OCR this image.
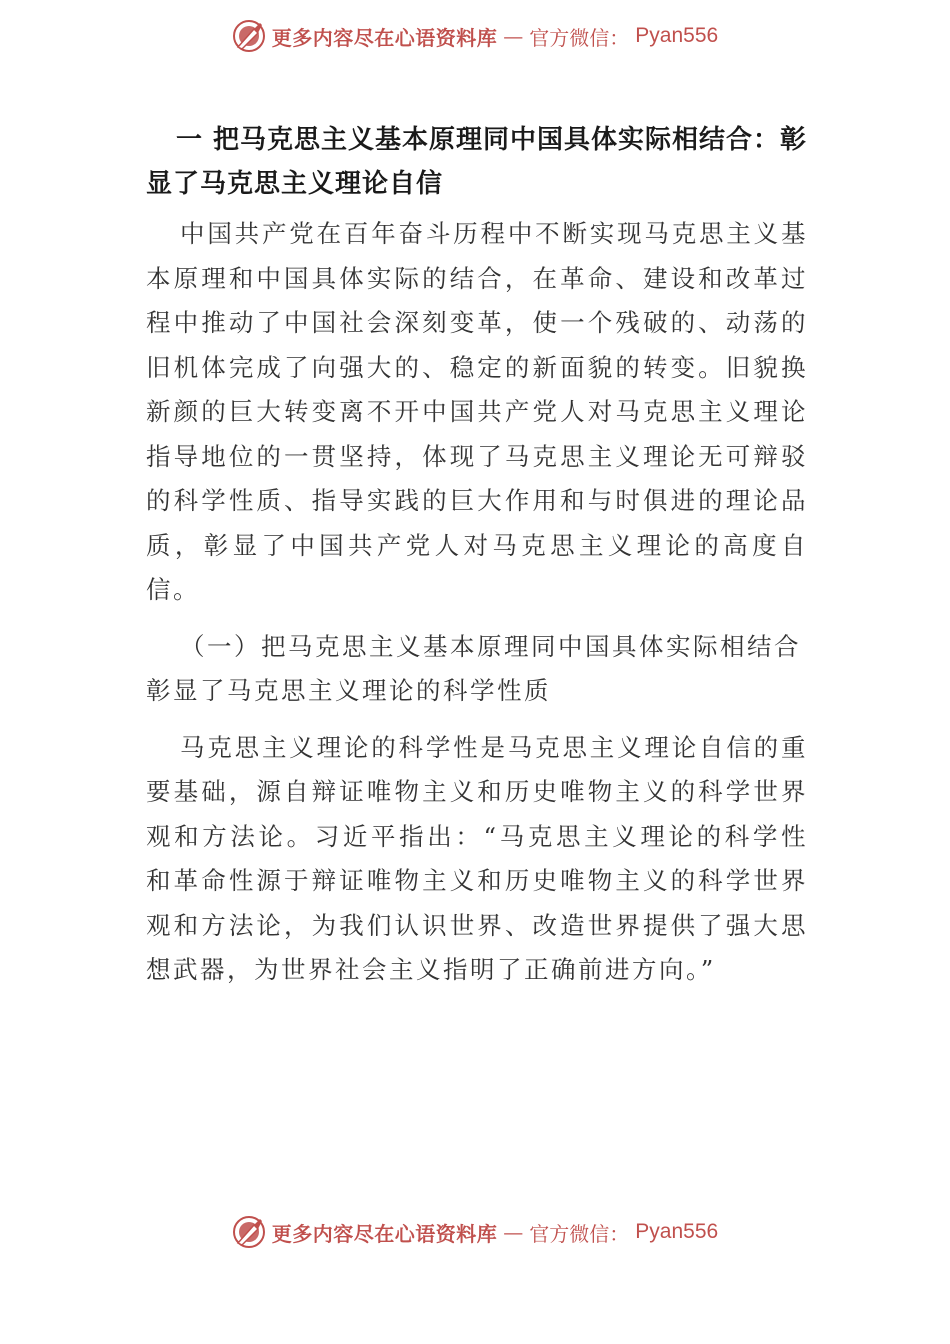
更多内容尽在心语资料库 — 官方微信： Pyan556

一 把马克思主义基本原理同中国具体实际相结合：彰显了马克思主义理论自信

中国共产党在百年奋斗历程中不断实现马克思主义基本原理和中国具体实际的结合，在革命、建设和改革过程中推动了中国社会深刻变革，使一个残破的、动荡的旧机体完成了向强大的、稳定的新面貌的转变。旧貌换新颜的巨大转变离不开中国共产党人对马克思主义理论指导地位的一贯坚持，体现了马克思主义理论无可辩驳的科学性质、指导实践的巨大作用和与时俱进的理论品质，彰显了中国共产党人对马克思主义理论的高度自信。

（一）把马克思主义基本原理同中国具体实际相结合彰显了马克思主义理论的科学性质

马克思主义理论的科学性是马克思主义理论自信的重要基础，源自辩证唯物主义和历史唯物主义的科学世界观和方法论。习近平指出：“马克思主义理论的科学性和革命性源于辩证唯物主义和历史唯物主义的科学世界观和方法论，为我们认识世界、改造世界提供了强大思想武器，为世界社会主义指明了正确前进方向。”

更多内容尽在心语资料库 — 官方微信： Pyan556
